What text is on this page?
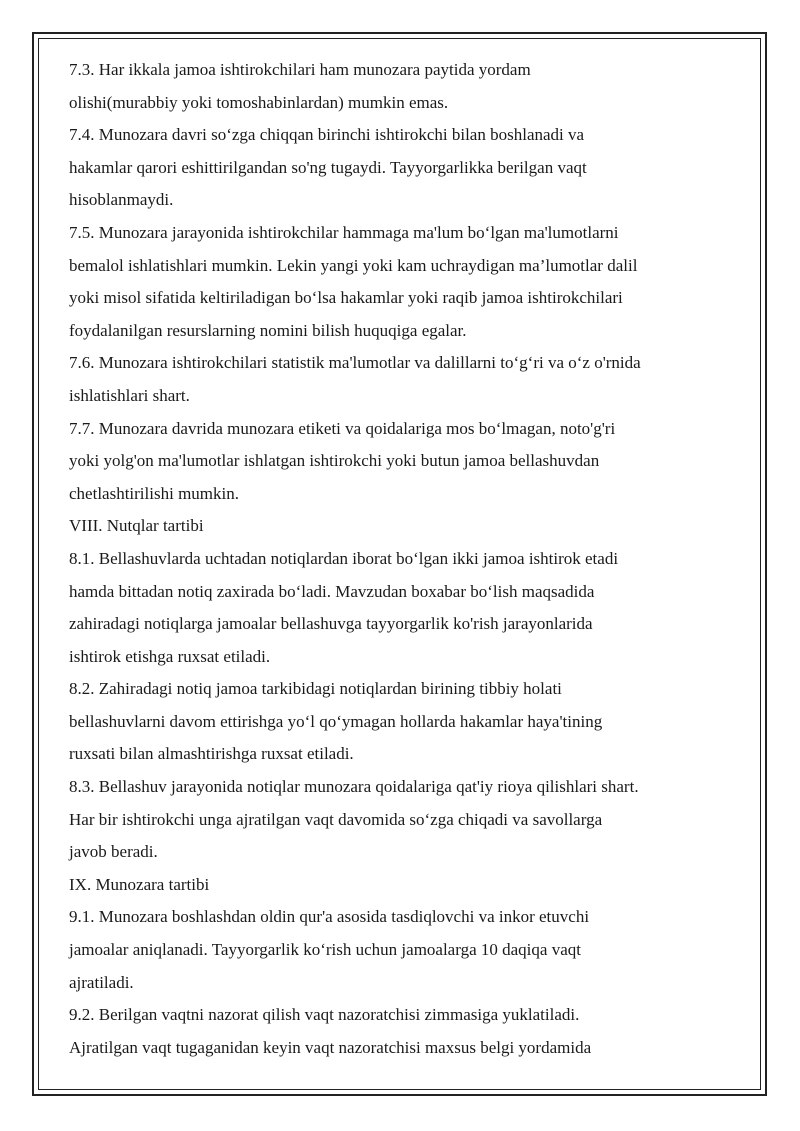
7.3. Har ikkala jamoa ishtirokchilari ham munozara paytida yordam
olishi(murabbiy yoki tomoshabinlardan) mumkin emas.
7.4. Munozara davri so‘zga chiqqan birinchi ishtirokchi bilan boshlanadi va
hakamlar qarori eshittirilgandan so'ng tugaydi. Tayyorgarlikka berilgan vaqt
hisoblanmaydi.
7.5. Munozara jarayonida ishtirokchilar hammaga ma'lum bo‘lgan ma'lumotlarni
bemalol ishlatishlari mumkin. Lekin yangi yoki kam uchraydigan ma’lumotlar dalil
yoki misol sifatida keltiriladigan bo‘lsa hakamlar yoki raqib jamoa ishtirokchilari
foydalanilgan resurslarning nomini bilish huquqiga egalar.
7.6. Munozara ishtirokchilari statistik ma'lumotlar va dalillarni to‘g‘ri va o‘z o'rnida
ishlatishlari shart.
7.7. Munozara davrida munozara etiketi va qoidalariga mos bo‘lmagan, noto'g'ri
yoki yolg'on ma'lumotlar ishlatgan ishtirokchi yoki butun jamoa bellashuvdan
chetlashtirilishi mumkin.
VIII. Nutqlar tartibi
8.1. Bellashuvlarda uchtadan notiqlardan iborat bo‘lgan ikki jamoa ishtirok etadi
hamda bittadan notiq zaxirada bo‘ladi. Mavzudan boxabar bo‘lish maqsadida
zahiradagi notiqlarga jamoalar bellashuvga tayyorgarlik ko'rish jarayonlarida
ishtirok etishga ruxsat etiladi.
8.2. Zahiradagi notiq jamoa tarkibidagi notiqlardan birining tibbiy holati
bellashuvlarni davom ettirishga yo‘l qo‘ymagan hollarda hakamlar haya'tining
ruxsati bilan almashtirishga ruxsat etiladi.
8.3. Bellashuv jarayonida notiqlar munozara qoidalariga qat'iy rioya qilishlari shart.
Har bir ishtirokchi unga ajratilgan vaqt davomida so‘zga chiqadi va savollarga
javob beradi.
IX. Munozara tartibi
9.1. Munozara boshlashdan oldin qur'a asosida tasdiqlovchi va inkor etuvchi
jamoalar aniqlanadi. Tayyorgarlik ko‘rish uchun jamoalarga 10 daqiqa vaqt
ajratiladi.
9.2. Berilgan vaqtni nazorat qilish vaqt nazoratchisi zimmasiga yuklatiladi.
Ajratilgan vaqt tugaganidan keyin vaqt nazoratchisi maxsus belgi yordamida
